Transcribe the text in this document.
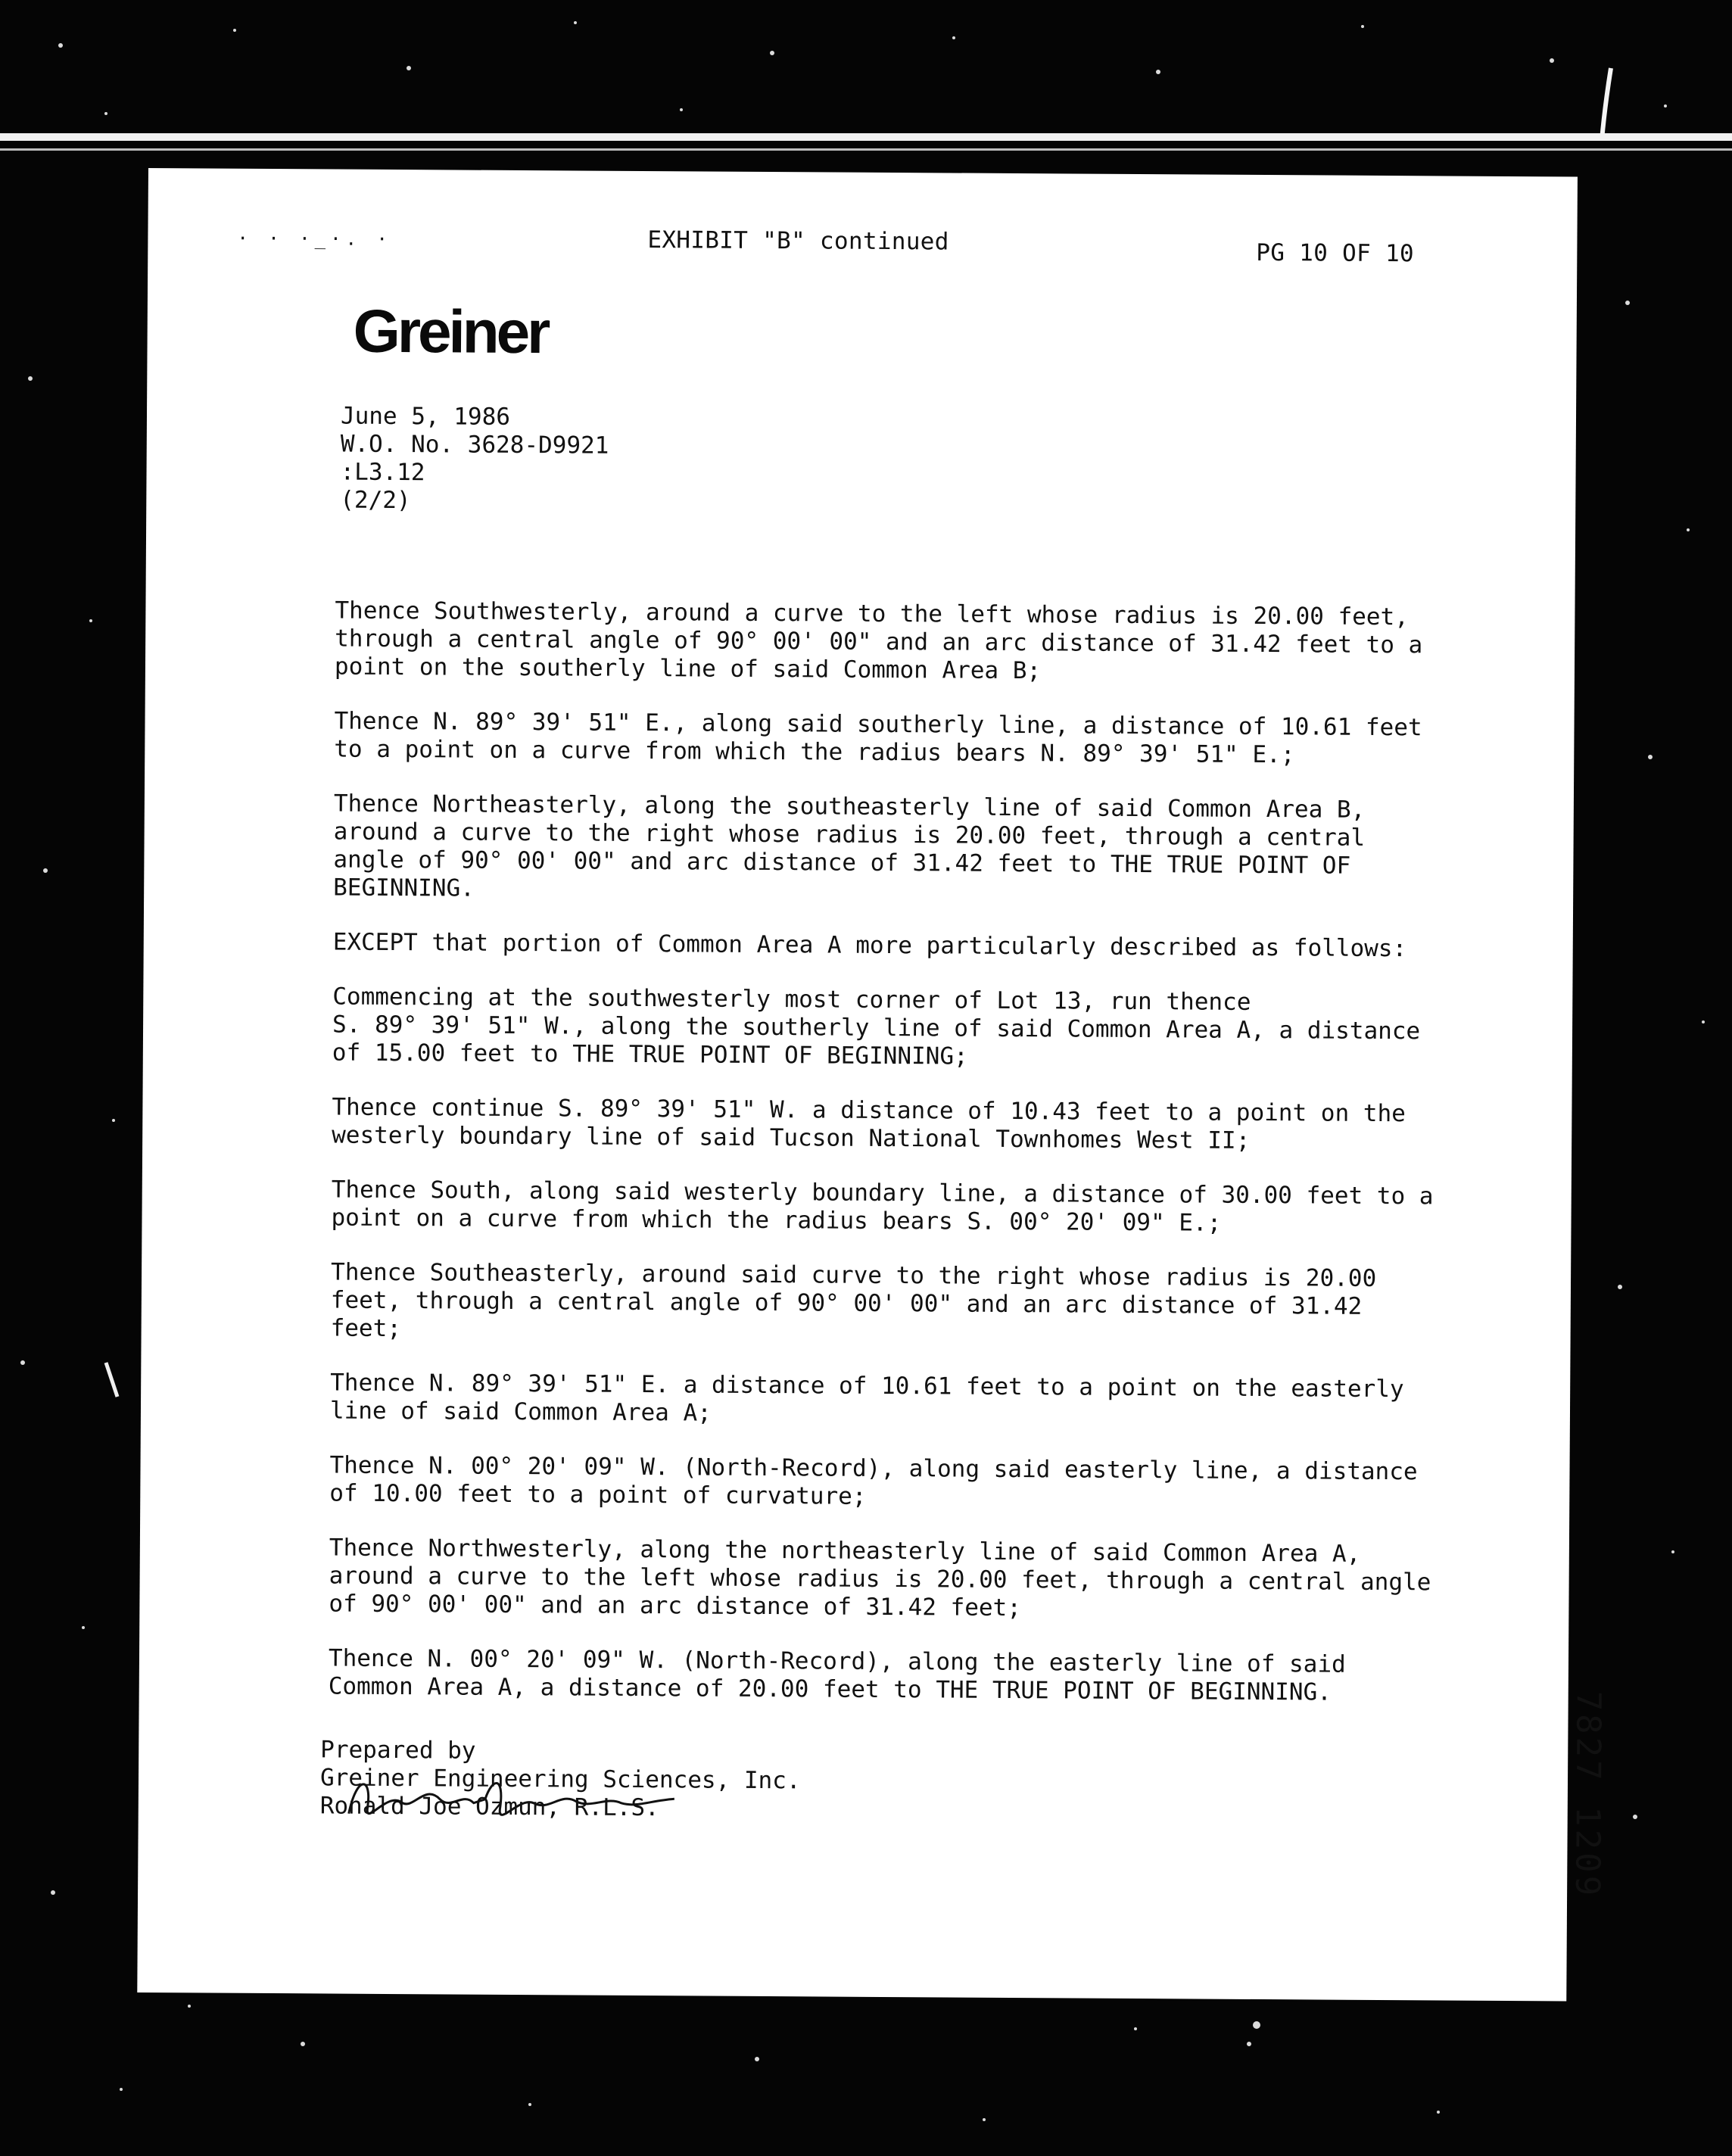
· · ·_·. ·	EXHIBIT "B" continued	PG 10 OF 10
Greiner
June 5, 1986
W.O. No. 3628-D9921
:L3.12
(2/2)
Thence Southwesterly, around a curve to the left whose radius is 20.00 feet,
through a central angle of 90° 00' 00" and an arc distance of 31.42 feet to a
point on the southerly line of said Common Area B;
Thence N. 89° 39' 51" E., along said southerly line, a distance of 10.61 feet
to a point on a curve from which the radius bears N. 89° 39' 51" E.;
Thence Northeasterly, along the southeasterly line of said Common Area B,
around a curve to the right whose radius is 20.00 feet, through a central
angle of 90° 00' 00" and arc distance of 31.42 feet to THE TRUE POINT OF
BEGINNING.
EXCEPT that portion of Common Area A more particularly described as follows:
Commencing at the southwesterly most corner of Lot 13, run thence
S. 89° 39' 51" W., along the southerly line of said Common Area A, a distance
of 15.00 feet to THE TRUE POINT OF BEGINNING;
Thence continue S. 89° 39' 51" W. a distance of 10.43 feet to a point on the
westerly boundary line of said Tucson National Townhomes West II;
Thence South, along said westerly boundary line, a distance of 30.00 feet to a
point on a curve from which the radius bears S. 00° 20' 09" E.;
Thence Southeasterly, around said curve to the right whose radius is 20.00
feet, through a central angle of 90° 00' 00" and an arc distance of 31.42
feet;
Thence N. 89° 39' 51" E. a distance of 10.61 feet to a point on the easterly
line of said Common Area A;
Thence N. 00° 20' 09" W. (North-Record), along said easterly line, a distance
of 10.00 feet to a point of curvature;
Thence Northwesterly, along the northeasterly line of said Common Area A,
around a curve to the left whose radius is 20.00 feet, through a central angle
of 90° 00' 00" and an arc distance of 31.42 feet;
Thence N. 00° 20' 09" W. (North-Record), along the easterly line of said
Common Area A, a distance of 20.00 feet to THE TRUE POINT OF BEGINNING.
Prepared by
Greiner Engineering Sciences, Inc.
Ronald Joe Ozmun, R.L.S.	7827 1209
